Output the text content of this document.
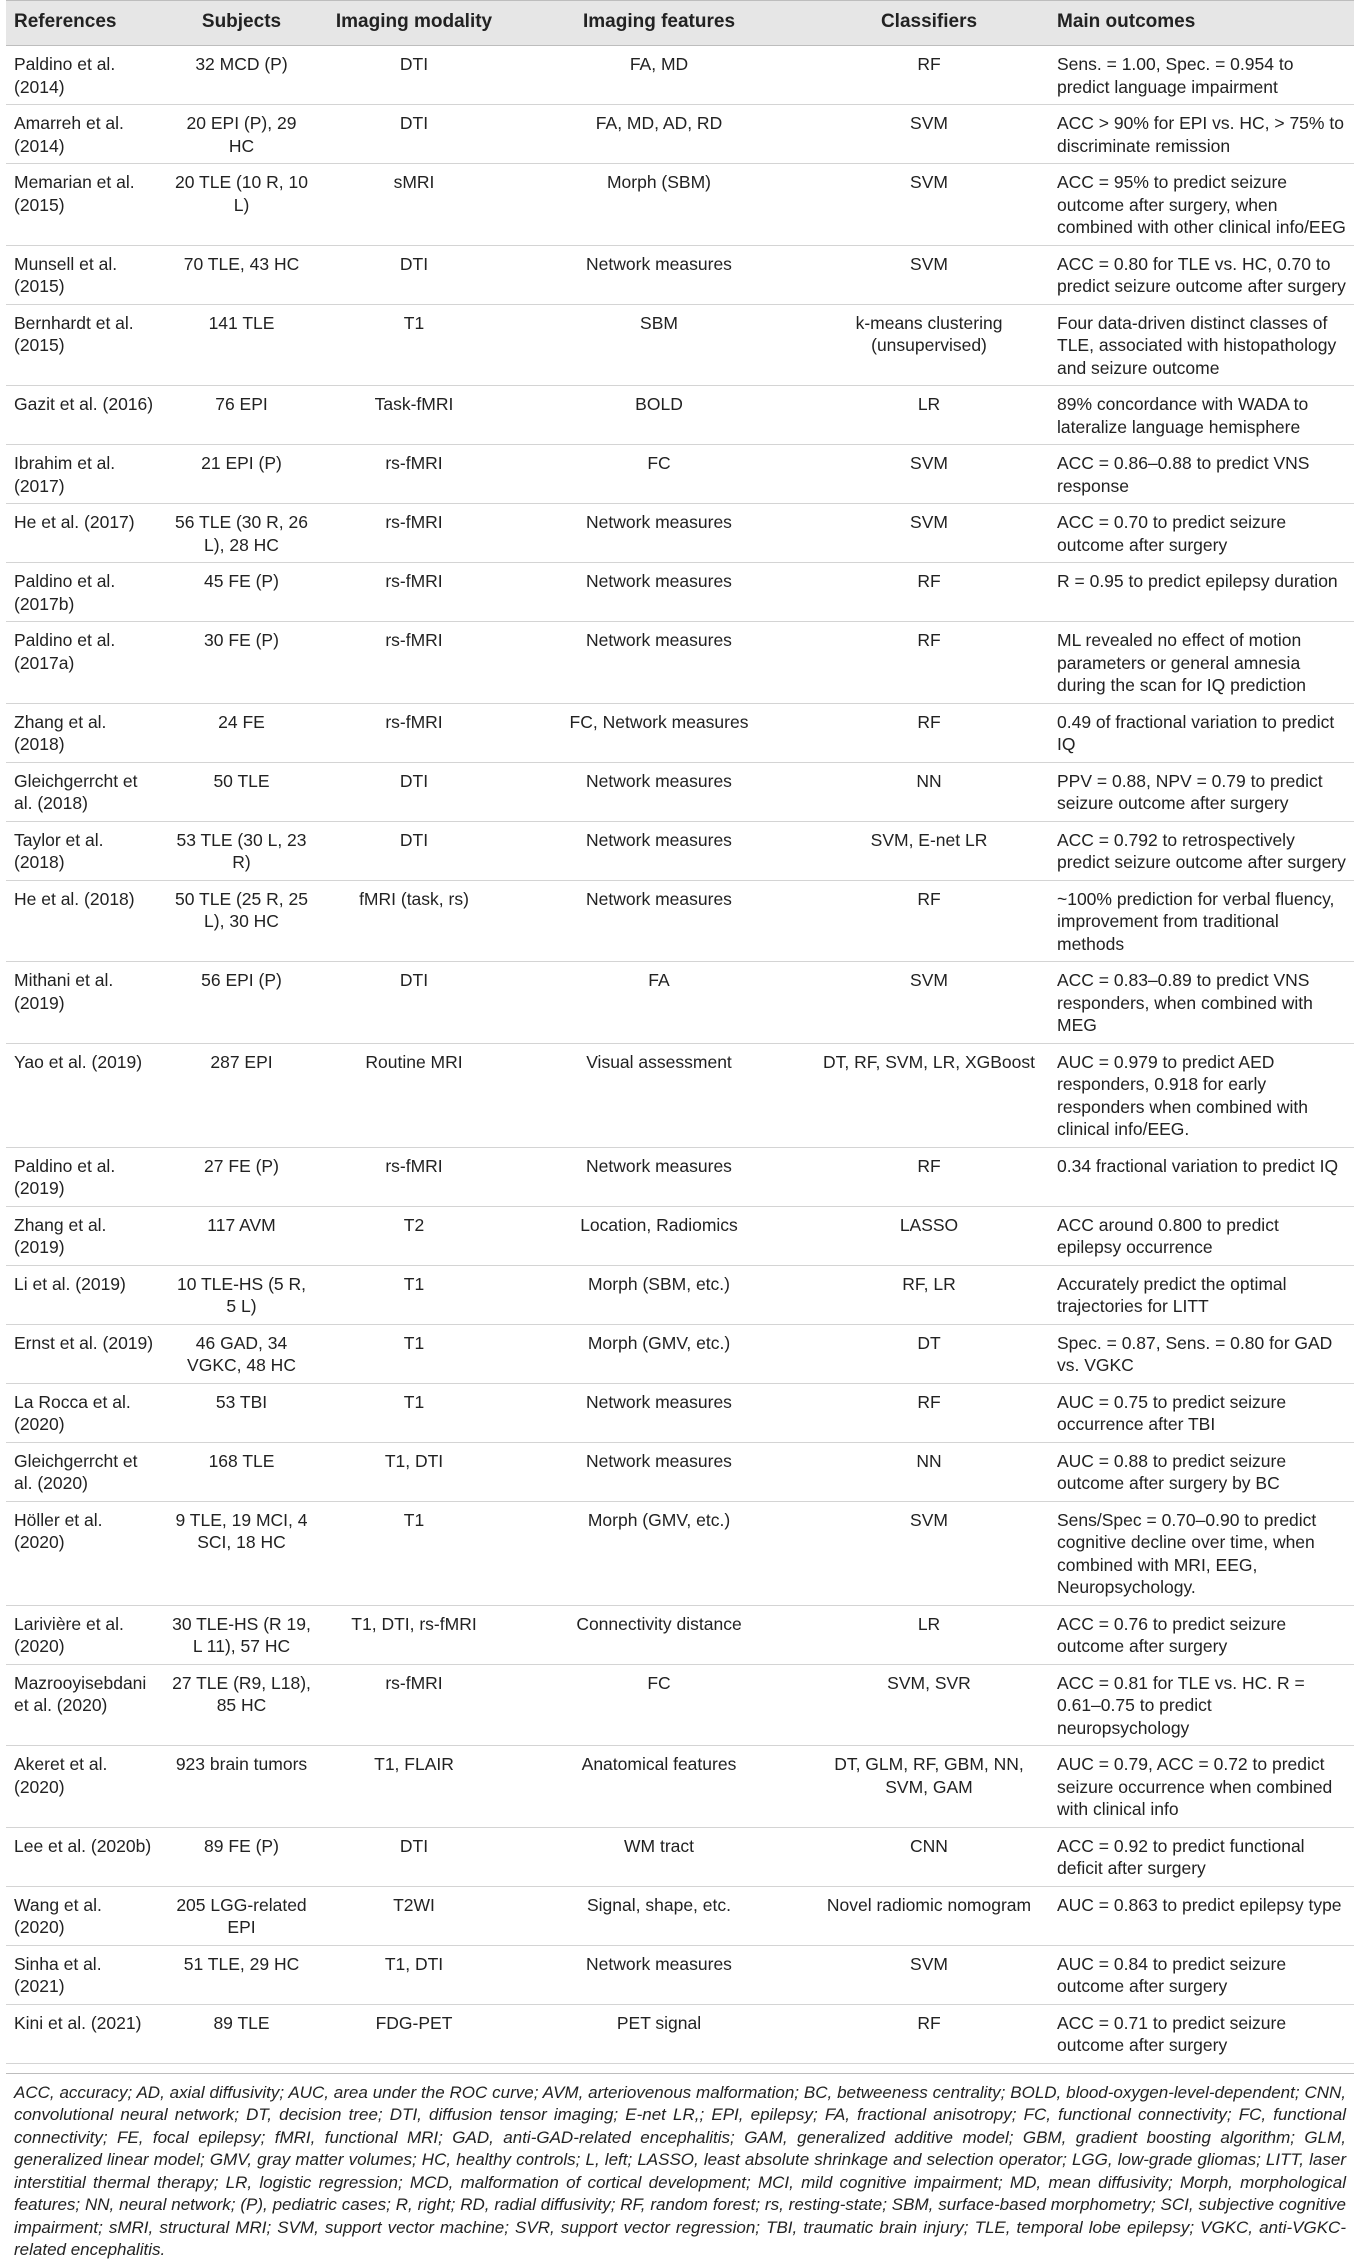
References	Subjects	Imaging modality	Imaging features	Classifiers	Main outcomes
Paldino et al. (2014)	32 MCD (P)	DTI	FA, MD	RF	Sens. = 1.00, Spec. = 0.954 to predict language impairment
Amarreh et al. (2014)	20 EPI (P), 29 HC	DTI	FA, MD, AD, RD	SVM	ACC > 90% for EPI vs. HC, > 75% to discriminate remission
Memarian et al. (2015)	20 TLE (10 R, 10 L)	sMRI	Morph (SBM)	SVM	ACC = 95% to predict seizure outcome after surgery, when combined with other clinical info/EEG
Munsell et al. (2015)	70 TLE, 43 HC	DTI	Network measures	SVM	ACC = 0.80 for TLE vs. HC, 0.70 to predict seizure outcome after surgery
Bernhardt et al. (2015)	141 TLE	T1	SBM	k-means clustering (unsupervised)	Four data-driven distinct classes of TLE, associated with histopathology and seizure outcome
Gazit et al. (2016)	76 EPI	Task-fMRI	BOLD	LR	89% concordance with WADA to lateralize language hemisphere
Ibrahim et al. (2017)	21 EPI (P)	rs-fMRI	FC	SVM	ACC = 0.86–0.88 to predict VNS response
He et al. (2017)	56 TLE (30 R, 26 L), 28 HC	rs-fMRI	Network measures	SVM	ACC = 0.70 to predict seizure outcome after surgery
Paldino et al. (2017b)	45 FE (P)	rs-fMRI	Network measures	RF	R = 0.95 to predict epilepsy duration
Paldino et al. (2017a)	30 FE (P)	rs-fMRI	Network measures	RF	ML revealed no effect of motion parameters or general amnesia during the scan for IQ prediction
Zhang et al. (2018)	24 FE	rs-fMRI	FC, Network measures	RF	0.49 of fractional variation to predict IQ
Gleichgerrcht et al. (2018)	50 TLE	DTI	Network measures	NN	PPV = 0.88, NPV = 0.79 to predict seizure outcome after surgery
Taylor et al. (2018)	53 TLE (30 L, 23 R)	DTI	Network measures	SVM, E-net LR	ACC = 0.792 to retrospectively predict seizure outcome after surgery
He et al. (2018)	50 TLE (25 R, 25 L), 30 HC	fMRI (task, rs)	Network measures	RF	~100% prediction for verbal fluency, improvement from traditional methods
Mithani et al. (2019)	56 EPI (P)	DTI	FA	SVM	ACC = 0.83–0.89 to predict VNS responders, when combined with MEG
Yao et al. (2019)	287 EPI	Routine MRI	Visual assessment	DT, RF, SVM, LR, XGBoost	AUC = 0.979 to predict AED responders, 0.918 for early responders when combined with clinical info/EEG.
Paldino et al. (2019)	27 FE (P)	rs-fMRI	Network measures	RF	0.34 fractional variation to predict IQ
Zhang et al. (2019)	117 AVM	T2	Location, Radiomics	LASSO	ACC around 0.800 to predict epilepsy occurrence
Li et al. (2019)	10 TLE-HS (5 R, 5 L)	T1	Morph (SBM, etc.)	RF, LR	Accurately predict the optimal trajectories for LITT
Ernst et al. (2019)	46 GAD, 34 VGKC, 48 HC	T1	Morph (GMV, etc.)	DT	Spec. = 0.87, Sens. = 0.80 for GAD vs. VGKC
La Rocca et al. (2020)	53 TBI	T1	Network measures	RF	AUC = 0.75 to predict seizure occurrence after TBI
Gleichgerrcht et al. (2020)	168 TLE	T1, DTI	Network measures	NN	AUC = 0.88 to predict seizure outcome after surgery by BC
Höller et al. (2020)	9 TLE, 19 MCI, 4 SCI, 18 HC	T1	Morph (GMV, etc.)	SVM	Sens/Spec = 0.70–0.90 to predict cognitive decline over time, when combined with MRI, EEG, Neuropsychology.
Larivière et al. (2020)	30 TLE-HS (R 19, L 11), 57 HC	T1, DTI, rs-fMRI	Connectivity distance	LR	ACC = 0.76 to predict seizure outcome after surgery
Mazrooyisebdani et al. (2020)	27 TLE (R9, L18), 85 HC	rs-fMRI	FC	SVM, SVR	ACC = 0.81 for TLE vs. HC. R = 0.61–0.75 to predict neuropsychology
Akeret et al. (2020)	923 brain tumors	T1, FLAIR	Anatomical features	DT, GLM, RF, GBM, NN, SVM, GAM	AUC = 0.79, ACC = 0.72 to predict seizure occurrence when combined with clinical info
Lee et al. (2020b)	89 FE (P)	DTI	WM tract	CNN	ACC = 0.92 to predict functional deficit after surgery
Wang et al. (2020)	205 LGG-related EPI	T2WI	Signal, shape, etc.	Novel radiomic nomogram	AUC = 0.863 to predict epilepsy type
Sinha et al. (2021)	51 TLE, 29 HC	T1, DTI	Network measures	SVM	AUC = 0.84 to predict seizure outcome after surgery
Kini et al. (2021)	89 TLE	FDG-PET	PET signal	RF	ACC = 0.71 to predict seizure outcome after surgery
ACC, accuracy; AD, axial diffusivity; AUC, area under the ROC curve; AVM, arteriovenous malformation; BC, betweeness centrality; BOLD, blood-oxygen-level-dependent; CNN, convolutional neural network; DT, decision tree; DTI, diffusion tensor imaging; E-net LR,; EPI, epilepsy; FA, fractional anisotropy; FC, functional connectivity; FC, functional connectivity; FE, focal epilepsy; fMRI, functional MRI; GAD, anti-GAD-related encephalitis; GAM, generalized additive model; GBM, gradient boosting algorithm; GLM, generalized linear model; GMV, gray matter volumes; HC, healthy controls; L, left; LASSO, least absolute shrinkage and selection operator; LGG, low-grade gliomas; LITT, laser interstitial thermal therapy; LR, logistic regression; MCD, malformation of cortical development; MCI, mild cognitive impairment; MD, mean diffusivity; Morph, morphological features; NN, neural network; (P), pediatric cases; R, right; RD, radial diffusivity; RF, random forest; rs, resting-state; SBM, surface-based morphometry; SCI, subjective cognitive impairment; sMRI, structural MRI; SVM, support vector machine; SVR, support vector regression; TBI, traumatic brain injury; TLE, temporal lobe epilepsy; VGKC, anti-VGKC-related encephalitis.
